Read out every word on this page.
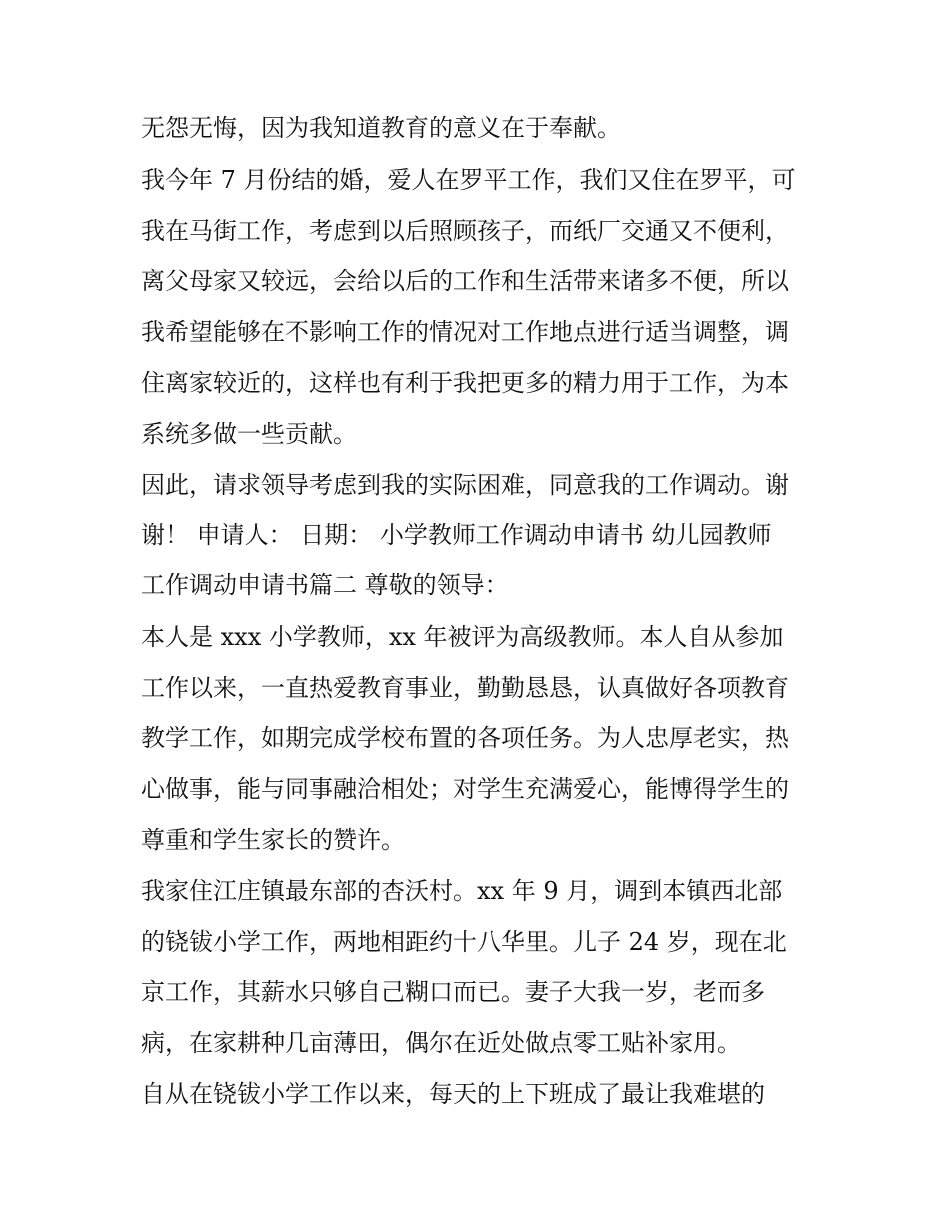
无怨无悔，因为我知道教育的意义在于奉献。
我今年 7 月份结的婚，爱人在罗平工作，我们又住在罗平，可
我在马街工作，考虑到以后照顾孩子，而纸厂交通又不便利，
离父母家又较远，会给以后的工作和生活带来诸多不便，所以
我希望能够在不影响工作的情况对工作地点进行适当调整，调
住离家较近的，这样也有利于我把更多的精力用于工作，为本
系统多做一些贡献。
因此，请求领导考虑到我的实际困难，同意我的工作调动。谢
谢！ 申请人： 日期： 小学教师工作调动申请书 幼儿园教师
工作调动申请书篇二 尊敬的领导：
本人是 xxx 小学教师，xx 年被评为高级教师。本人自从参加
工作以来，一直热爱教育事业，勤勤恳恳，认真做好各项教育
教学工作，如期完成学校布置的各项任务。为人忠厚老实，热
心做事，能与同事融洽相处；对学生充满爱心，能博得学生的
尊重和学生家长的赞许。
我家住江庄镇最东部的杏沃村。xx 年 9 月，调到本镇西北部
的铙钹小学工作，两地相距约十八华里。儿子 24 岁，现在北
京工作，其薪水只够自己糊口而已。妻子大我一岁，老而多
病，在家耕种几亩薄田，偶尔在近处做点零工贴补家用。
自从在铙钹小学工作以来，每天的上下班成了最让我难堪的
